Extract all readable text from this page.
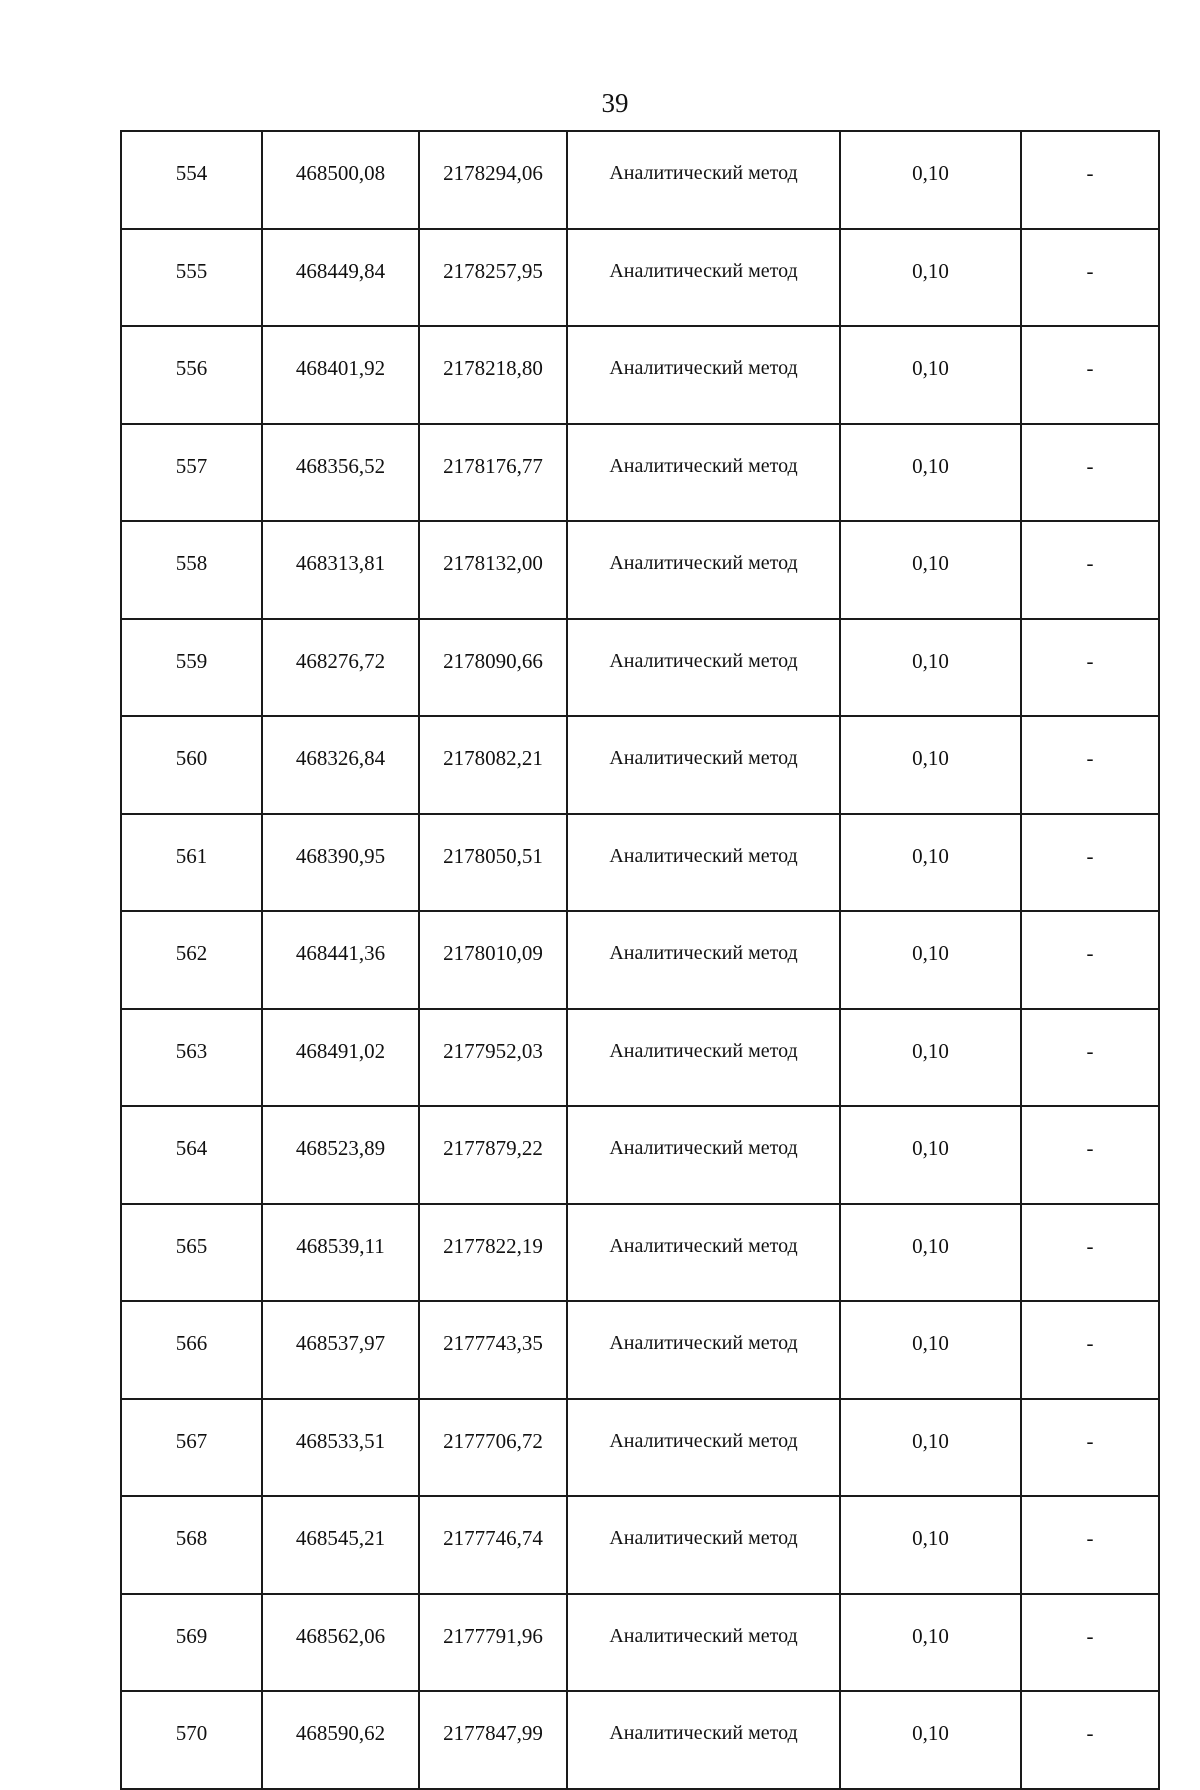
39
554	468500,08	2178294,06	Аналитический метод	0,10	-
555	468449,84	2178257,95	Аналитический метод	0,10	-
556	468401,92	2178218,80	Аналитический метод	0,10	-
557	468356,52	2178176,77	Аналитический метод	0,10	-
558	468313,81	2178132,00	Аналитический метод	0,10	-
559	468276,72	2178090,66	Аналитический метод	0,10	-
560	468326,84	2178082,21	Аналитический метод	0,10	-
561	468390,95	2178050,51	Аналитический метод	0,10	-
562	468441,36	2178010,09	Аналитический метод	0,10	-
563	468491,02	2177952,03	Аналитический метод	0,10	-
564	468523,89	2177879,22	Аналитический метод	0,10	-
565	468539,11	2177822,19	Аналитический метод	0,10	-
566	468537,97	2177743,35	Аналитический метод	0,10	-
567	468533,51	2177706,72	Аналитический метод	0,10	-
568	468545,21	2177746,74	Аналитический метод	0,10	-
569	468562,06	2177791,96	Аналитический метод	0,10	-
570	468590,62	2177847,99	Аналитический метод	0,10	-
